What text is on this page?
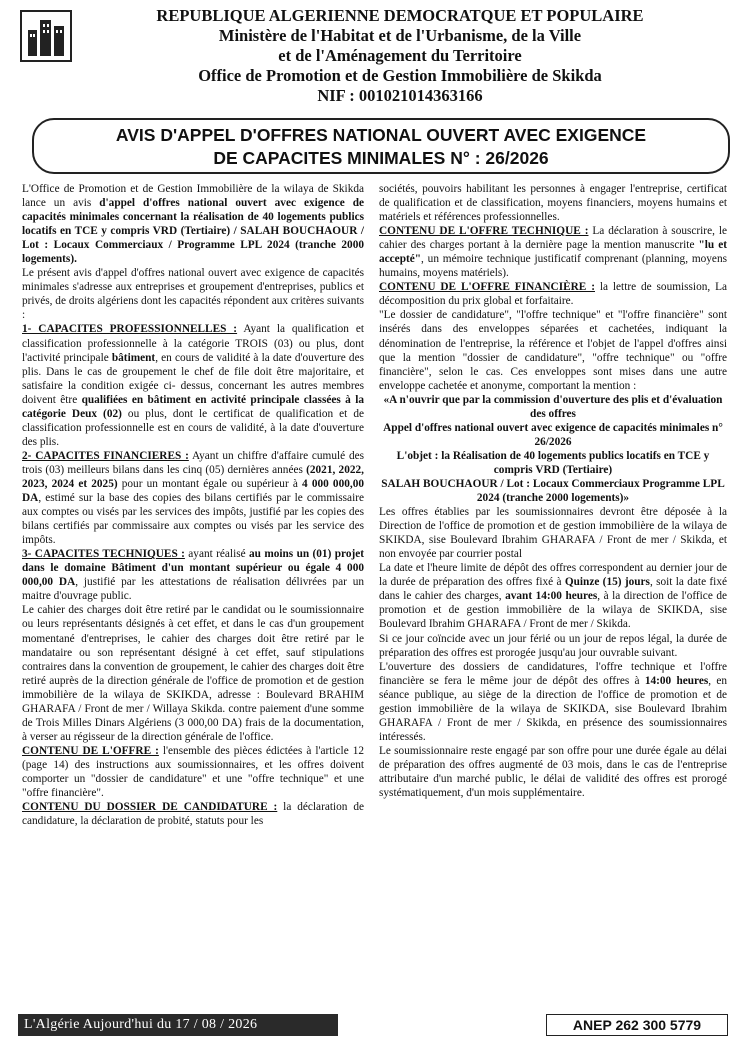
REPUBLIQUE ALGERIENNE DEMOCRATQUE ET POPULAIRE
Ministère de l'Habitat et de l'Urbanisme, de la Ville
et de l'Aménagement du Territoire
Office de Promotion et de Gestion Immobilière de Skikda
NIF : 001021014363166
AVIS D'APPEL D'OFFRES NATIONAL OUVERT AVEC EXIGENCE
DE CAPACITES MINIMALES N° : 26/2026

L'Office de Promotion et de Gestion Immobilière de la wilaya de Skikda lance un avis d'appel d'offres national ouvert avec exigence de capacités minimales concernant la réalisation de 40 logements publics locatifs en TCE y compris VRD (Tertiaire) / SALAH BOUCHAOUR / Lot : Locaux Commerciaux / Programme LPL 2024 (tranche 2000 logements).

Le présent avis d'appel d'offres national ouvert avec exigence de capacités minimales s'adresse aux entreprises et groupement d'entreprises, publics et privés, de droits algériens dont les capacités répondent aux critères suivants :

1- CAPACITES PROFESSIONNELLES : Ayant la qualification et classification professionnelle à la catégorie TROIS (03) ou plus, dont l'activité principale bâtiment, en cours de validité à la date d'ouverture des plis. Dans le cas de groupement le chef de file doit être majoritaire, et satisfaire la condition exigée ci- dessus, concernant les autres membres doivent être qualifiées en bâtiment en activité principale classées à la catégorie Deux (02) ou plus, dont le certificat de qualification et de classification professionnelle est en cours de validité, à la date d'ouverture des plis.

2- CAPACITES FINANCIERES : Ayant un chiffre d'affaire cumulé des trois (03) meilleurs bilans dans les cinq (05) dernières années (2021, 2022, 2023, 2024 et 2025) pour un montant égale ou supérieur à 4 000 000,00 DA, estimé sur la base des copies des bilans certifiés par le commissaire aux comptes ou visés par les services des impôts, justifié par les copies des bilans certifiés par commissaire aux comptes ou visés par les service des impôts.

3- CAPACITES TECHNIQUES : ayant réalisé au moins un (01) projet dans le domaine Bâtiment d'un montant supérieur ou égale 4 000 000,00 DA, justifié par les attestations de réalisation délivrées par un maitre d'ouvrage public.

Le cahier des charges doit être retiré par le candidat ou le soumissionnaire ou leurs représentants désignés à cet effet, et dans le cas d'un groupement momentané d'entreprises, le cahier des charges doit être retiré par le mandataire ou son représentant désigné à cet effet, sauf stipulations contraires dans la convention de groupement, le cahier des charges doit être retiré auprès de la direction générale de l'office de promotion et de gestion immobilière de la wilaya de SKIKDA, adresse : Boulevard BRAHIM GHARAFA / Front de mer / Willaya Skikda. contre paiement d'une somme de Trois Milles Dinars Algériens (3 000,00 DA) frais de la documentation, à verser au régisseur de la direction générale de l'office.

CONTENU DE L'OFFRE : l'ensemble des pièces édictées à l'article 12 (page 14) des instructions aux soumissionnaires, et les offres doivent comporter un "dossier de candidature" et une "offre technique" et une "offre financière".

CONTENU DU DOSSIER DE CANDIDATURE : la déclaration de candidature, la déclaration de probité, statuts pour les

sociétés, pouvoirs habilitant les personnes à engager l'entreprise, certificat de qualification et de classification, moyens financiers, moyens humains et matériels et références professionnelles.

CONTENU DE L'OFFRE TECHNIQUE : La déclaration à souscrire, le cahier des charges portant à la dernière page la mention manuscrite "lu et accepté", un mémoire technique justificatif comprenant (planning, moyens humains, moyens matériels).

CONTENU DE L'OFFRE FINANCIÈRE : la lettre de soumission, La décomposition du prix global et forfaitaire.

"Le dossier de candidature", "l'offre technique" et "l'offre financière" sont insérés dans des enveloppes séparées et cachetées, indiquant la dénomination de l'entreprise, la référence et l'objet de l'appel d'offres ainsi que la mention "dossier de candidature", "offre technique" ou "offre financière", selon le cas. Ces enveloppes sont mises dans une autre enveloppe cachetée et anonyme, comportant la mention :

«A n'ouvrir que par la commission d'ouverture des plis et d'évaluation des offres

Appel d'offres national ouvert avec exigence de capacités minimales n° 26/2026

L'objet : la Réalisation de 40 logements publics locatifs en TCE y compris VRD (Tertiaire)

SALAH BOUCHAOUR / Lot : Locaux Commerciaux Programme LPL 2024 (tranche 2000 logements)»

Les offres établies par les soumissionnaires devront être déposée à la Direction de l'office de promotion et de gestion immobilière de la wilaya de SKIKDA, sise Boulevard Ibrahim GHARAFA / Front de mer / Skikda, et non envoyée par courrier postal

La date et l'heure limite de dépôt des offres correspondent au dernier jour de la durée de préparation des offres fixé à Quinze (15) jours, soit la date fixé dans le cahier des charges, avant 14:00 heures, à la direction de l'office de promotion et de gestion immobilière de la wilaya de SKIKDA, sise Boulevard Ibrahim GHARAFA / Front de mer / Skikda.

Si ce jour coïncide avec un jour férié ou un jour de repos légal, la durée de préparation des offres est prorogée jusqu'au jour ouvrable suivant.

L'ouverture des dossiers de candidatures, l'offre technique et l'offre financière se fera le même jour de dépôt des offres à 14:00 heures, en séance publique, au siège de la direction de l'office de promotion et de gestion immobilière de la wilaya de SKIKDA, sise Boulevard Ibrahim GHARAFA / Front de mer / Skikda, en présence des soumissionnaires intéressés.

Le soumissionnaire reste engagé par son offre pour une durée égale au délai de préparation des offres augmenté de 03 mois, dans le cas de l'entreprise attributaire d'un marché public, le délai de validité des offres est prorogé systématiquement, d'un mois supplémentaire.

L'Algérie Aujourd'hui du 17 / 08 / 2026	ANEP 262 300 5779
